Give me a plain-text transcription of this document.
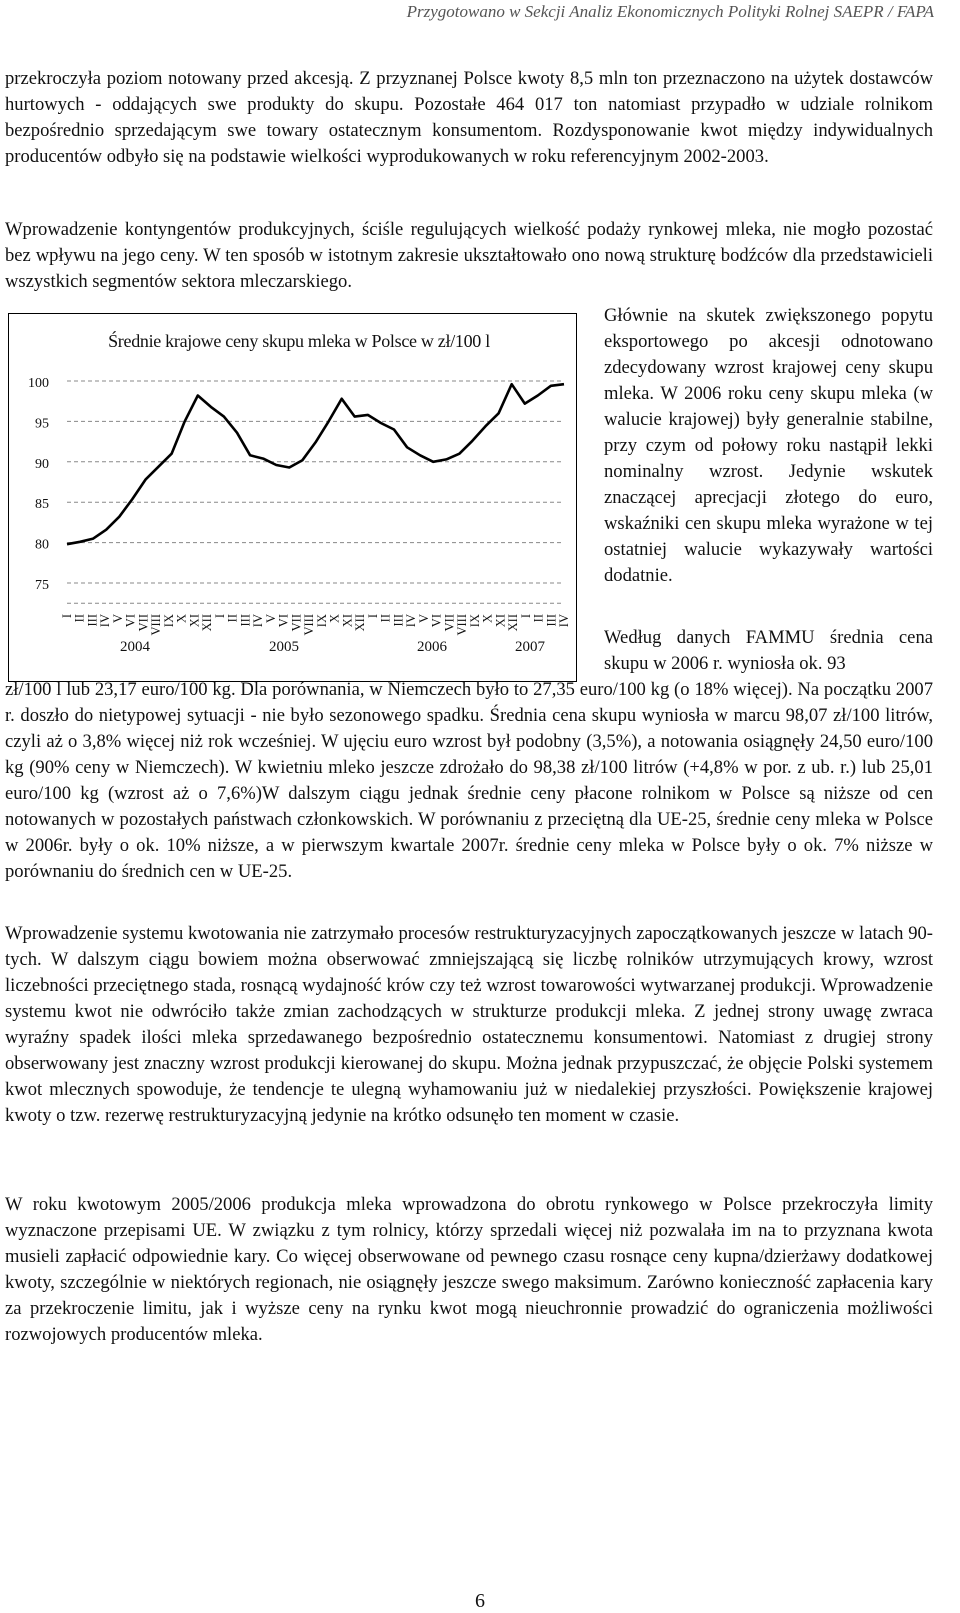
Przygotowano w Sekcji Analiz Ekonomicznych Polityki Rolnej SAEPR / FAPA

przekroczyła poziom notowany przed akcesją. Z przyznanej Polsce kwoty 8,5 mln ton przeznaczono na użytek dostawców hurtowych - oddających swe produkty do skupu. Pozostałe 464 017 ton natomiast przypadło w udziale rolnikom bezpośrednio sprzedającym swe towary ostatecznym konsumentom. Rozdysponowanie kwot między indywidualnych producentów odbyło się na podstawie wielkości wyprodukowanych w roku referencyjnym 2002-2003.

Wprowadzenie kontyngentów produkcyjnych, ściśle regulujących wielkość podaży rynkowej mleka, nie mogło pozostać bez wpływu na jego ceny. W ten sposób w istotnym zakresie ukształtowało ono nową strukturę bodźców dla przedstawicieli wszystkich segmentów sektora mleczarskiego.

Średnie krajowe ceny skupu mleka w Polsce w zł/100 l
75
80
85
90
95
100
I
II
III
IV
V
VI
VII
VIII
IX
X
XI
XII
I
II
III
IV
V
VI
VII
VIII
IX
X
XI
XII
I
II
III
IV
V
VI
VII
VIII
IX
X
XI
XII
I
II
III
IV
2004	2005	2006	2007

Głównie na skutek zwiększonego popytu eksportowego po akcesji odnotowano zdecydowany wzrost krajowej ceny skupu mleka. W 2006 roku ceny skupu mleka (w walucie krajowej) były generalnie stabilne, przy czym od połowy roku nastąpił lekki nominalny wzrost. Jedynie wskutek znaczącej aprecjacji złotego do euro, wskaźniki cen skupu mleka wyrażone w tej ostatniej walucie wykazywały wartości dodatnie.

Według danych FAMMU średnia cena skupu w 2006 r. wyniosła ok. 93

zł/100 l lub 23,17 euro/100 kg. Dla porównania, w Niemczech było to 27,35 euro/100 kg (o 18% więcej). Na początku 2007 r. doszło do nietypowej sytuacji - nie było sezonowego spadku. Średnia cena skupu wyniosła w marcu 98,07 zł/100 litrów, czyli aż o 3,8% więcej niż rok wcześniej. W ujęciu euro wzrost był podobny (3,5%), a notowania osiągnęły 24,50 euro/100 kg (90% ceny w Niemczech). W kwietniu mleko jeszcze zdrożało do 98,38 zł/100 litrów (+4,8% w por. z ub. r.) lub 25,01 euro/100 kg (wzrost aż o 7,6%)W dalszym ciągu jednak średnie ceny płacone rolnikom w Polsce są niższe od cen notowanych w pozostałych państwach członkowskich. W porównaniu z przeciętną dla UE-25, średnie ceny mleka w Polsce w 2006r. były o ok. 10% niższe, a w pierwszym kwartale 2007r. średnie ceny mleka w Polsce były o ok. 7% niższe w porównaniu do średnich cen w UE-25.

Wprowadzenie systemu kwotowania nie zatrzymało procesów restrukturyzacyjnych zapoczątkowanych jeszcze w latach 90-tych. W dalszym ciągu bowiem można obserwować zmniejszającą się liczbę rolników utrzymujących krowy, wzrost liczebności przeciętnego stada, rosnącą wydajność krów czy też wzrost towarowości wytwarzanej produkcji. Wprowadzenie systemu kwot nie odwróciło także zmian zachodzących w strukturze produkcji mleka. Z jednej strony uwagę zwraca wyraźny spadek ilości mleka sprzedawanego bezpośrednio ostatecznemu konsumentowi. Natomiast z drugiej strony obserwowany jest znaczny wzrost produkcji kierowanej do skupu. Można jednak przypuszczać, że objęcie Polski systemem kwot mlecznych spowoduje, że tendencje te ulegną wyhamowaniu już w niedalekiej przyszłości. Powiększenie krajowej kwoty o tzw. rezerwę restrukturyzacyjną jedynie na krótko odsunęło ten moment w czasie.

W roku kwotowym 2005/2006 produkcja mleka wprowadzona do obrotu rynkowego w Polsce przekroczyła limity wyznaczone przepisami UE. W związku z tym rolnicy, którzy sprzedali więcej niż pozwalała im na to przyznana kwota musieli zapłacić odpowiednie kary. Co więcej obserwowane od pewnego czasu rosnące ceny kupna/dzierżawy dodatkowej kwoty, szczególnie w niektórych regionach, nie osiągnęły jeszcze swego maksimum. Zarówno konieczność zapłacenia kary za przekroczenie limitu, jak i wyższe ceny na rynku kwot mogą nieuchronnie prowadzić do ograniczenia możliwości rozwojowych producentów mleka.

6
